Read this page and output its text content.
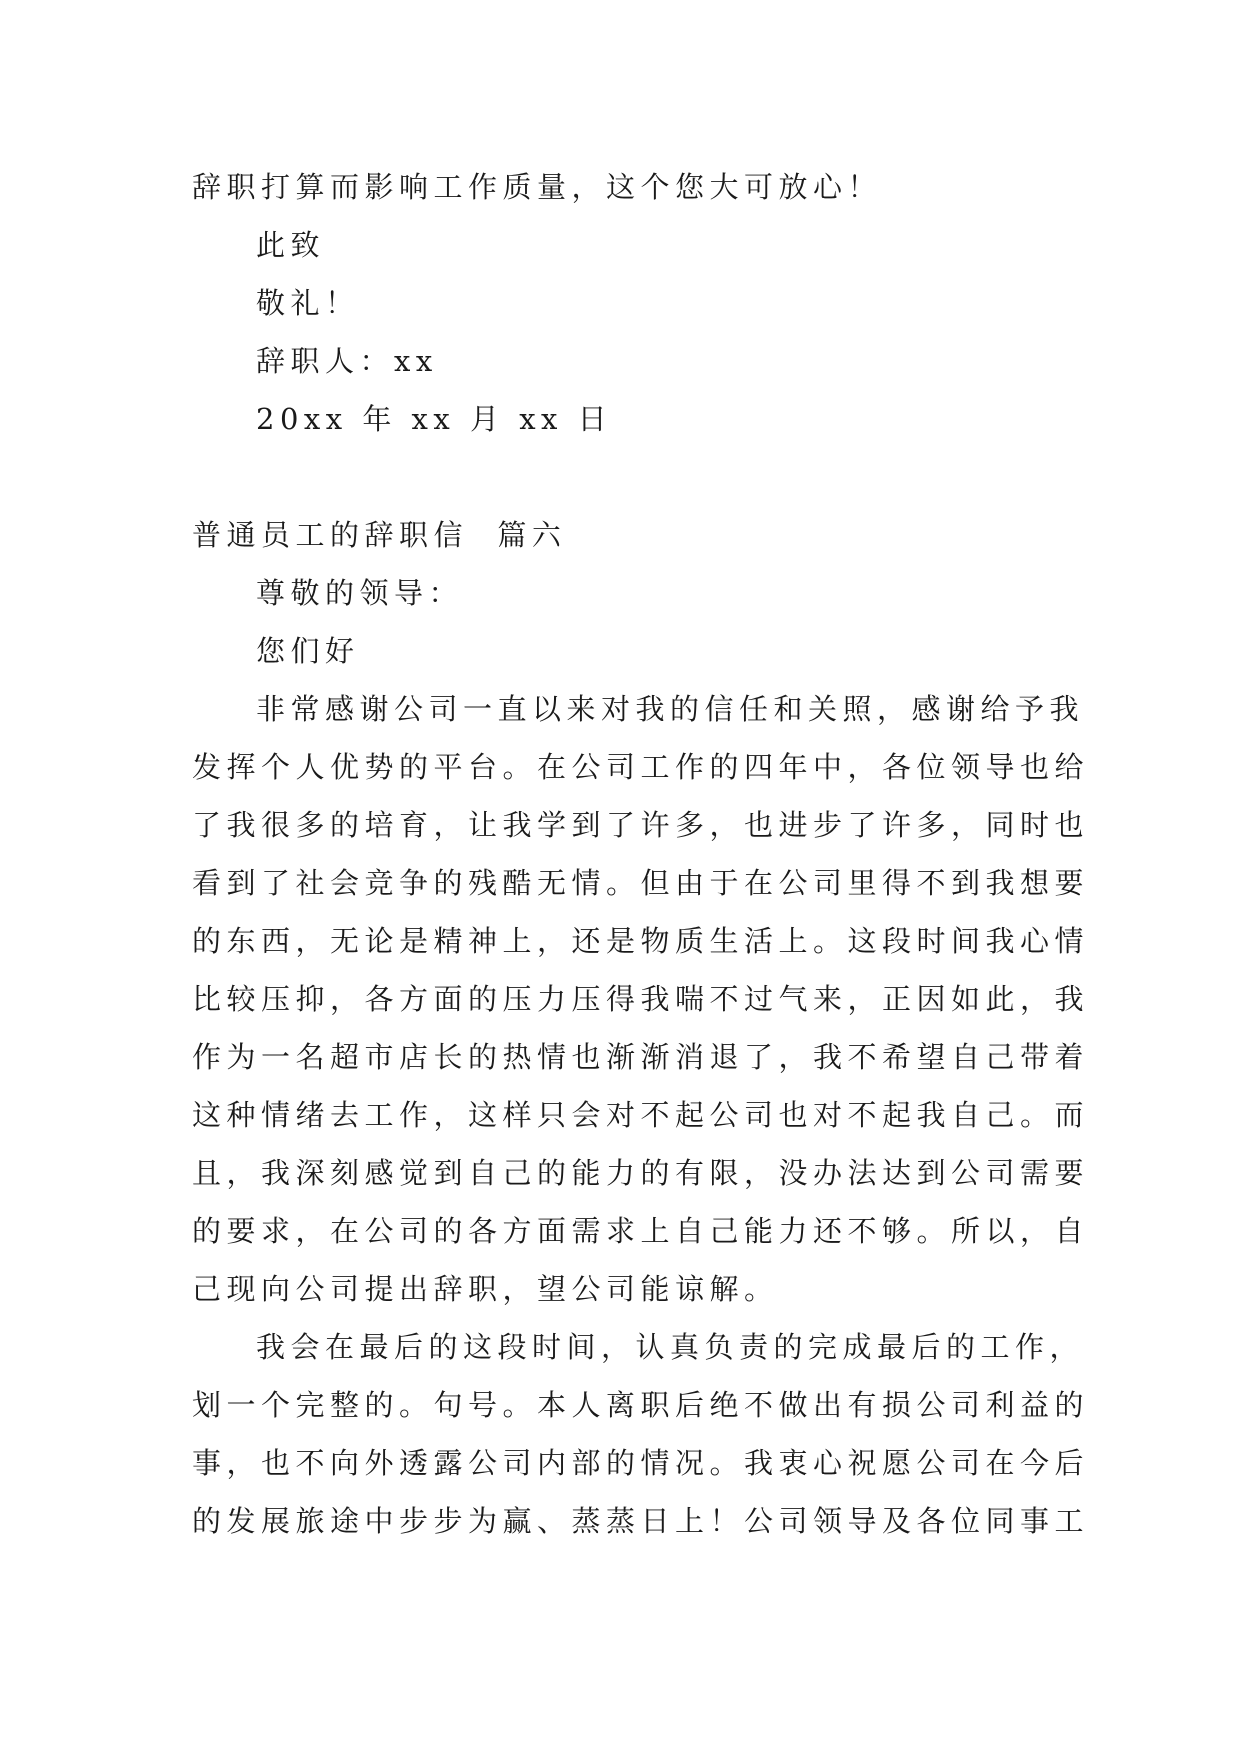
辞职打算而影响工作质量，这个您大可放心！

此致

敬礼！

辞职人：xx

20xx 年 xx 月 xx 日

普通员工的辞职信  篇六

尊敬的领导：

您们好

非常感谢公司一直以来对我的信任和关照，感谢给予我

发挥个人优势的平台。在公司工作的四年中，各位领导也给

了我很多的培育，让我学到了许多，也进步了许多，同时也

看到了社会竞争的残酷无情。但由于在公司里得不到我想要

的东西，无论是精神上，还是物质生活上。这段时间我心情

比较压抑，各方面的压力压得我喘不过气来，正因如此，我

作为一名超市店长的热情也渐渐消退了，我不希望自己带着

这种情绪去工作，这样只会对不起公司也对不起我自己。而

且，我深刻感觉到自己的能力的有限，没办法达到公司需要

的要求，在公司的各方面需求上自己能力还不够。所以，自

己现向公司提出辞职，望公司能谅解。

我会在最后的这段时间，认真负责的完成最后的工作，

划一个完整的。句号。本人离职后绝不做出有损公司利益的

事，也不向外透露公司内部的情况。我衷心祝愿公司在今后

的发展旅途中步步为赢、蒸蒸日上！公司领导及各位同事工
